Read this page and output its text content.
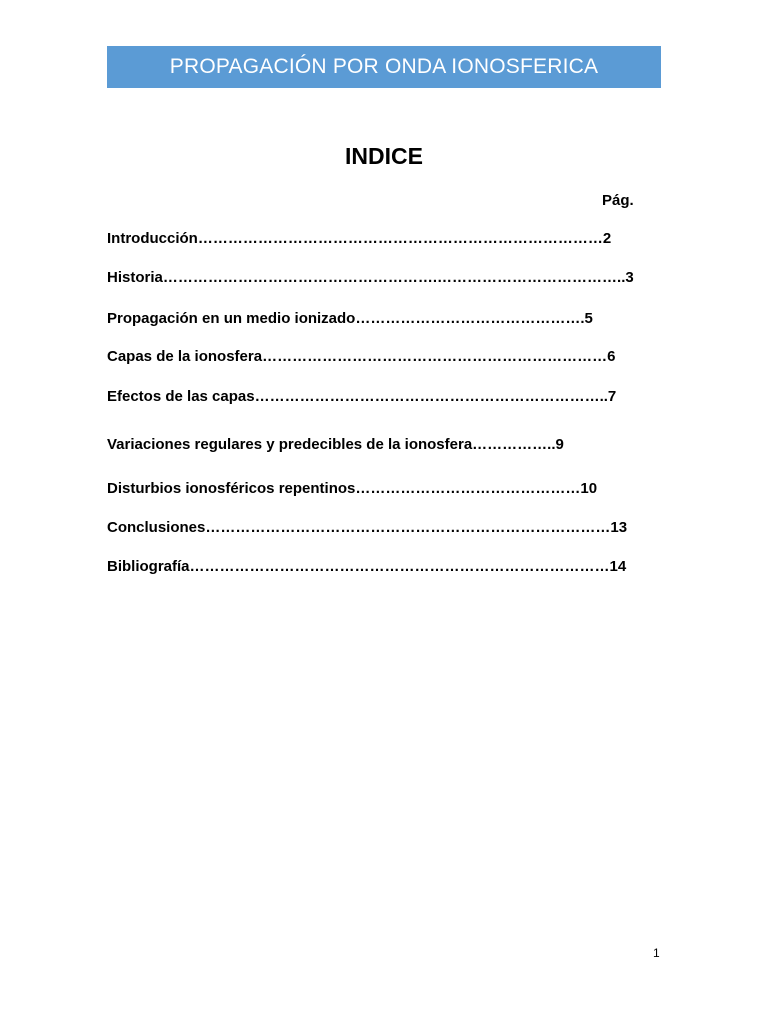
PROPAGACIÓN POR ONDA IONOSFERICA
INDICE
Pág.
Introducción ……………………………………………………………………… 2
Historia ……………………………………………….……………………………….. 3
Propagación en un medio ionizado ………………………………………. 5
Capas de la ionosfera …………………………………………………………… 6
Efectos de las capas …………………………………………………………….. 7
Variaciones regulares y predecibles de la ionosfera …………….. 9
Disturbios ionosféricos repentinos ……………………………………… 10
Conclusiones ……………………………………………………………………… 13
Bibliografía ………………………………………………………………………… 14
1
